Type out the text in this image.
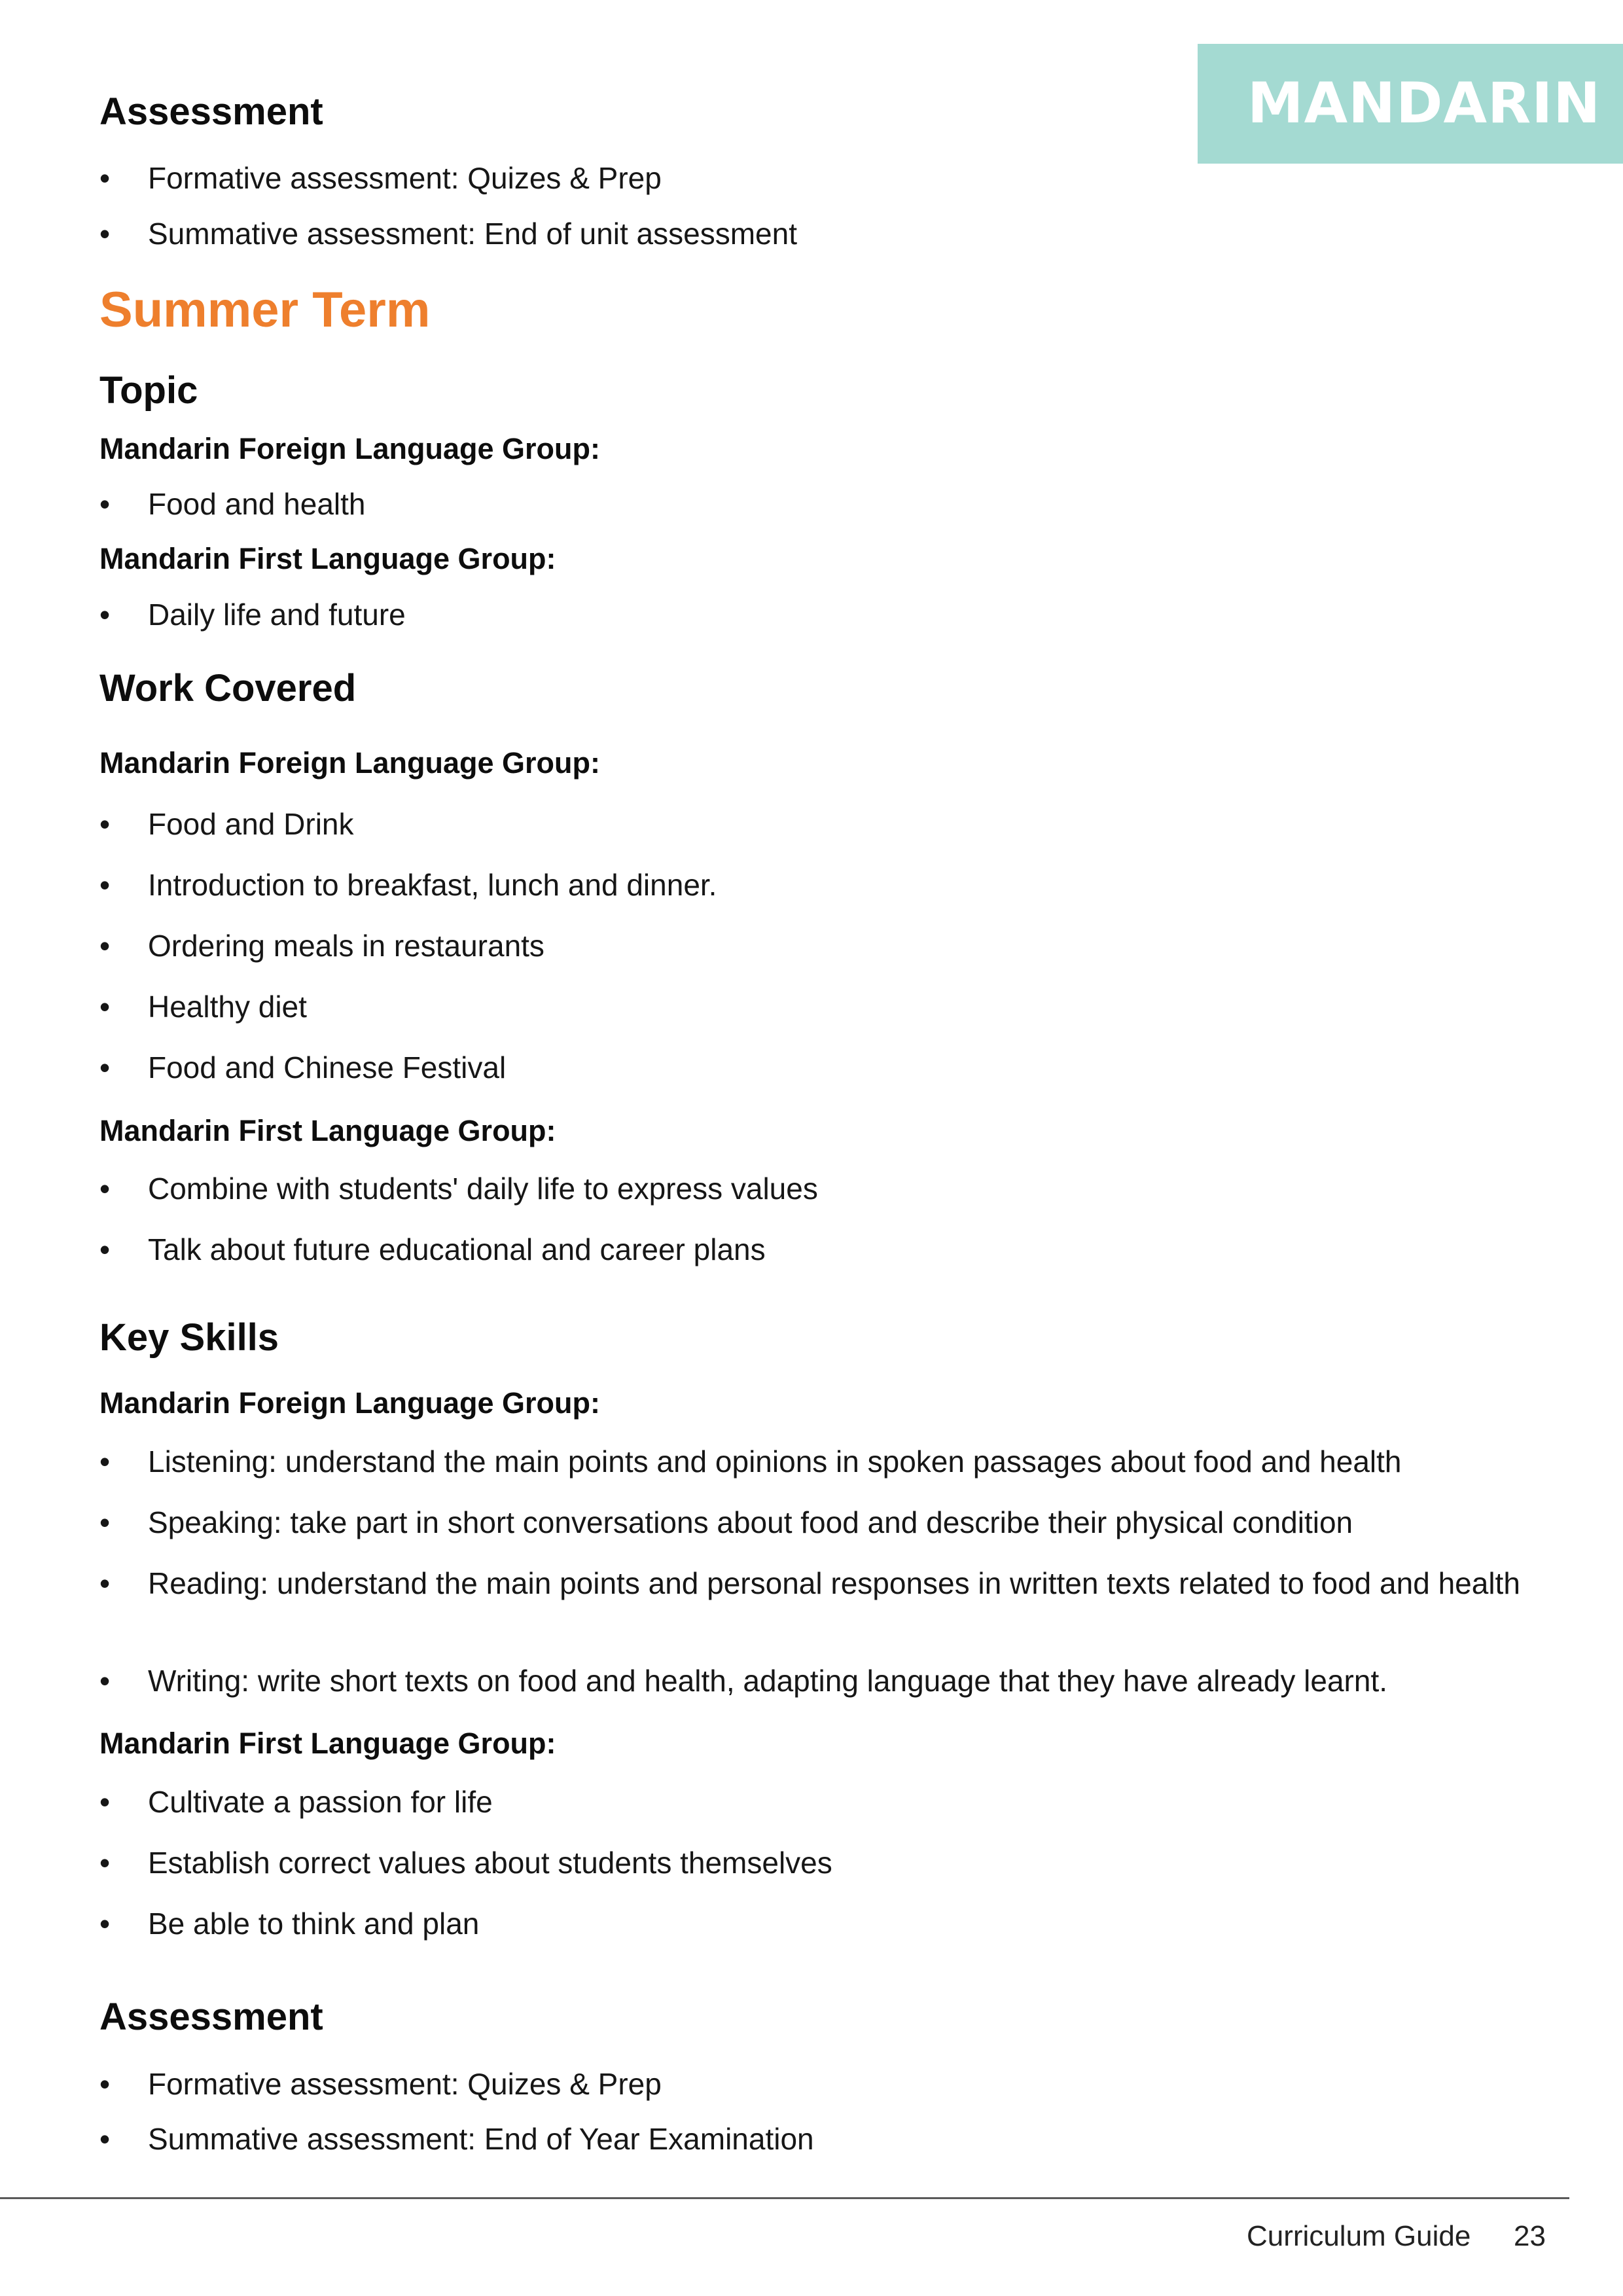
MANDARIN
Assessment
• Formative assessment: Quizes & Prep
• Summative assessment: End of unit assessment
Summer Term
Topic
Mandarin Foreign Language Group:
• Food and health
Mandarin First Language Group:
• Daily life and future
Work Covered
Mandarin Foreign Language Group:
• Food and Drink
• Introduction to breakfast, lunch and dinner.
• Ordering meals in restaurants
• Healthy diet
• Food and Chinese Festival
Mandarin First Language Group:
• Combine with students' daily life to express values
• Talk about future educational and career plans
Key Skills
Mandarin Foreign Language Group:
• Listening: understand the main points and opinions in spoken passages about food and health
• Speaking: take part in short conversations about food and describe their physical condition
• Reading: understand the main points and personal responses in written texts related to food and health
• Writing: write short texts on food and health, adapting language that they have already learnt.
Mandarin First Language Group:
• Cultivate a passion for life
• Establish correct values about students themselves
• Be able to think and plan
Assessment
• Formative assessment: Quizes & Prep
• Summative assessment: End of Year Examination
Curriculum Guide 23
